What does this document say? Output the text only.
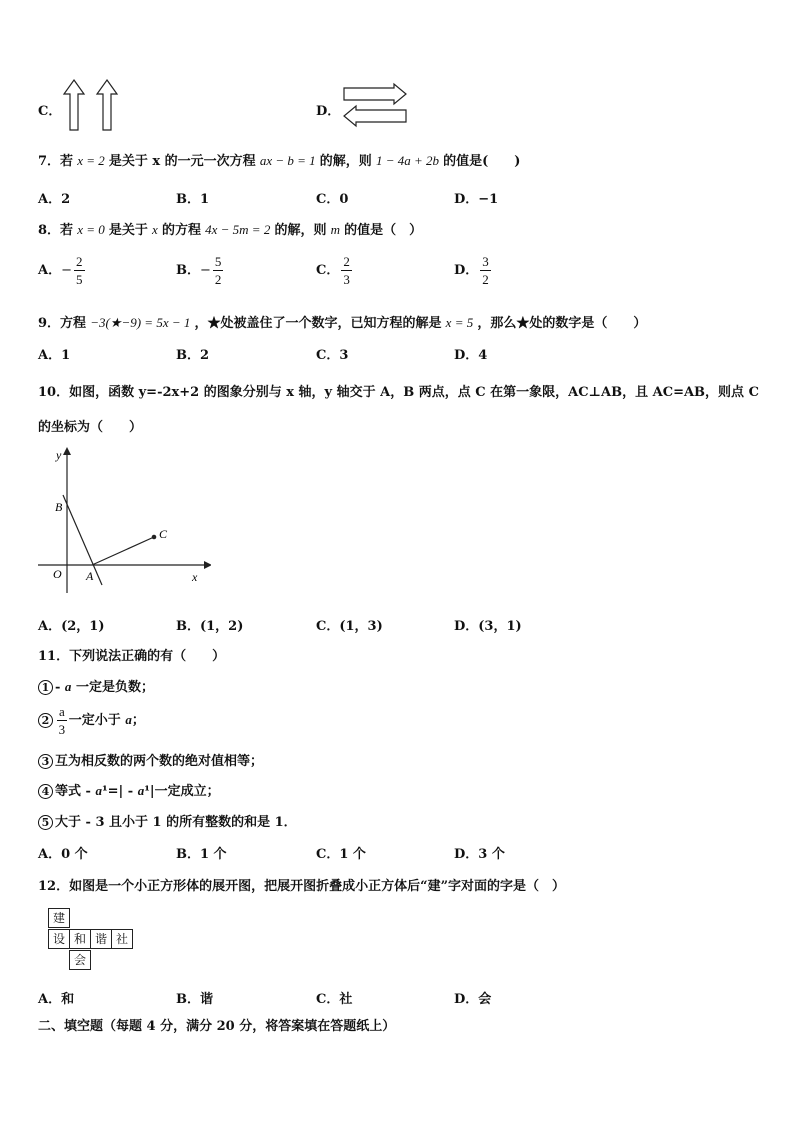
C．	D．
7．若 x = 2 是关于 x 的一元一次方程 ax − b = 1 的解，则 1 − 4a + 2b 的值是(　　)
A．2	B．1	C．0	D．−1
8．若 x = 0 是关于 x 的方程 4x − 5m = 2 的解，则 m 的值是（　）
A．− $\frac{2}{5}$	B．− $\frac{5}{2}$	C． $\frac{2}{3}$	D． $\frac{3}{2}$
9．方程 −3(★−9) = 5x − 1 ，★处被盖住了一个数字，已知方程的解是 x = 5 ，那么★处的数字是（　　）
A．1	B．2	C．3	D．4
10．如图，函数 y=-2x+2 的图象分别与 x 轴，y 轴交于 A，B 两点，点 C 在第一象限，AC⊥AB，且 AC=AB，则点 C
的坐标为（　　）
y
x
O A
B
C
A．(2，1)	B．(1，2)	C．(1，3)	D．(3，1)
11．下列说法正确的有（　　）
1 - a 一定是负数；
$2 \frac{a}{3}$ 一定小于 a；
3 互为相反数的两个数的绝对值相等；
4 等式 - a¹=| - a¹|一定成立；
5 大于 - 3 且小于 1 的所有整数的和是 1．
A．0 个	B．1 个	C．1 个	D．3 个
12．如图是一个小正方形体的展开图，把展开图折叠成小正方体后“建”字对面的字是（　）
建
设 和 谐 社
会
A．和	B．谐	C．社	D．会
二、填空题（每题 4 分，满分 20 分，将答案填在答题纸上）
